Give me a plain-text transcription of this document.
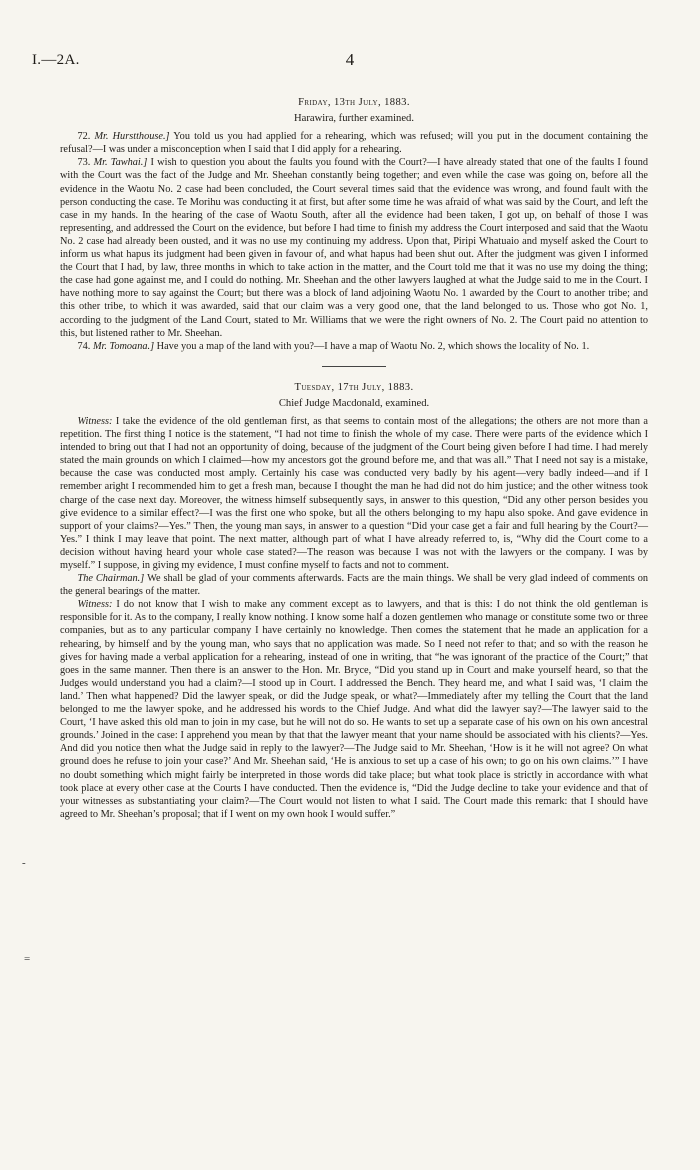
I.—2A.	4
-
=
Friday, 13th July, 1883.
Harawira, further examined.

72. Mr. Hurstthouse.] You told us you had applied for a rehearing, which was refused; will you put in the document containing the refusal?—I was under a misconception when I said that I did apply for a rehearing.

73. Mr. Tawhai.] I wish to question you about the faults you found with the Court?—I have already stated that one of the faults I found with the Court was the fact of the Judge and Mr. Sheehan constantly being together; and even while the case was going on, before all the evidence in the Waotu No. 2 case had been concluded, the Court several times said that the evidence was wrong, and found fault with the person conducting the case. Te Morihu was conducting it at first, but after some time he was afraid of what was said by the Court, and left the case in my hands. In the hearing of the case of Waotu South, after all the evidence had been taken, I got up, on behalf of those I was representing, and addressed the Court on the evidence, but before I had time to finish my address the Court interposed and said that the Waotu No. 2 case had already been ousted, and it was no use my continuing my address. Upon that, Piripi Whatuaio and myself asked the Court to inform us what hapus its judgment had been given in favour of, and what hapus had been shut out. After the judgment was given I informed the Court that I had, by law, three months in which to take action in the matter, and the Court told me that it was no use my doing the thing; the case had gone against me, and I could do nothing. Mr. Sheehan and the other lawyers laughed at what the Judge said to me in the Court. I have nothing more to say against the Court; but there was a block of land adjoining Waotu No. 1 awarded by the Court to another tribe; and this other tribe, to which it was awarded, said that our claim was a very good one, that the land belonged to us. Those who got No. 1, according to the judgment of the Land Court, stated to Mr. Williams that we were the right owners of No. 2. The Court paid no attention to this, but listened rather to Mr. Sheehan.

74. Mr. Tomoana.] Have you a map of the land with you?—I have a map of Waotu No. 2, which shows the locality of No. 1.

Tuesday, 17th July, 1883.
Chief Judge Macdonald, examined.

Witness: I take the evidence of the old gentleman first, as that seems to contain most of the allegations; the others are not more than a repetition. The first thing I notice is the statement, “I had not time to finish the whole of my case. There were parts of the evidence which I intended to bring out that I had not an opportunity of doing, because of the judgment of the Court being given before I had time. I had merely stated the main grounds on which I claimed—how my ancestors got the ground before me, and that was all.” That I need not say is a mistake, because the case was conducted most amply. Certainly his case was conducted very badly by his agent—very badly indeed—and if I remember aright I recommended him to get a fresh man, because I thought the man he had did not do him justice; and the other witness took charge of the case next day. Moreover, the witness himself subsequently says, in answer to this question, “Did any other person besides you give evidence to a similar effect?—I was the first one who spoke, but all the others belonging to my hapu also spoke. And gave evidence in support of your claims?—Yes.” Then, the young man says, in answer to a question “Did your case get a fair and full hearing by the Court?—Yes.” I think I may leave that point. The next matter, although part of what I have already referred to, is, “Why did the Court come to a decision without having heard your whole case stated?—The reason was because I was not with the lawyers or the company. I was by myself.” I suppose, in giving my evidence, I must confine myself to facts and not to comment.

The Chairman.] We shall be glad of your comments afterwards. Facts are the main things. We shall be very glad indeed of comments on the general bearings of the matter.

Witness: I do not know that I wish to make any comment except as to lawyers, and that is this: I do not think the old gentleman is responsible for it. As to the company, I really know nothing. I know some half a dozen gentlemen who manage or constitute some two or three companies, but as to any particular company I have certainly no knowledge. Then comes the statement that he made an application for a rehearing, by himself and by the young man, who says that no application was made. So I need not refer to that; and so with the reason he gives for having made a verbal application for a rehearing, instead of one in writing, that “he was ignorant of the practice of the Court;” that goes in the same manner. Then there is an answer to the Hon. Mr. Bryce, “Did you stand up in Court and make yourself heard, so that the Judges would understand you had a claim?—I stood up in Court. I addressed the Bench. They heard me, and what I said was, ‘I claim the land.’ Then what happened? Did the lawyer speak, or did the Judge speak, or what?—Immediately after my telling the Court that the land belonged to me the lawyer spoke, and he addressed his words to the Chief Judge. And what did the lawyer say?—The lawyer said to the Court, ‘I have asked this old man to join in my case, but he will not do so. He wants to set up a separate case of his own on his own ancestral grounds.’ Joined in the case: I apprehend you mean by that that the lawyer meant that your name should be associated with his clients?—Yes. And did you notice then what the Judge said in reply to the lawyer?—The Judge said to Mr. Sheehan, ‘How is it he will not agree? On what ground does he refuse to join your case?’ And Mr. Sheehan said, ‘He is anxious to set up a case of his own; to go on his own claims.’” I have no doubt something which might fairly be interpreted in those words did take place; but what took place is strictly in accordance with what took place at every other case at the Courts I have conducted. Then the evidence is, “Did the Judge decline to take your evidence and that of your witnesses as substantiating your claim?—The Court would not listen to what I said. The Court made this remark: that I should have agreed to Mr. Sheehan’s proposal; that if I went on my own hook I would suffer.”
